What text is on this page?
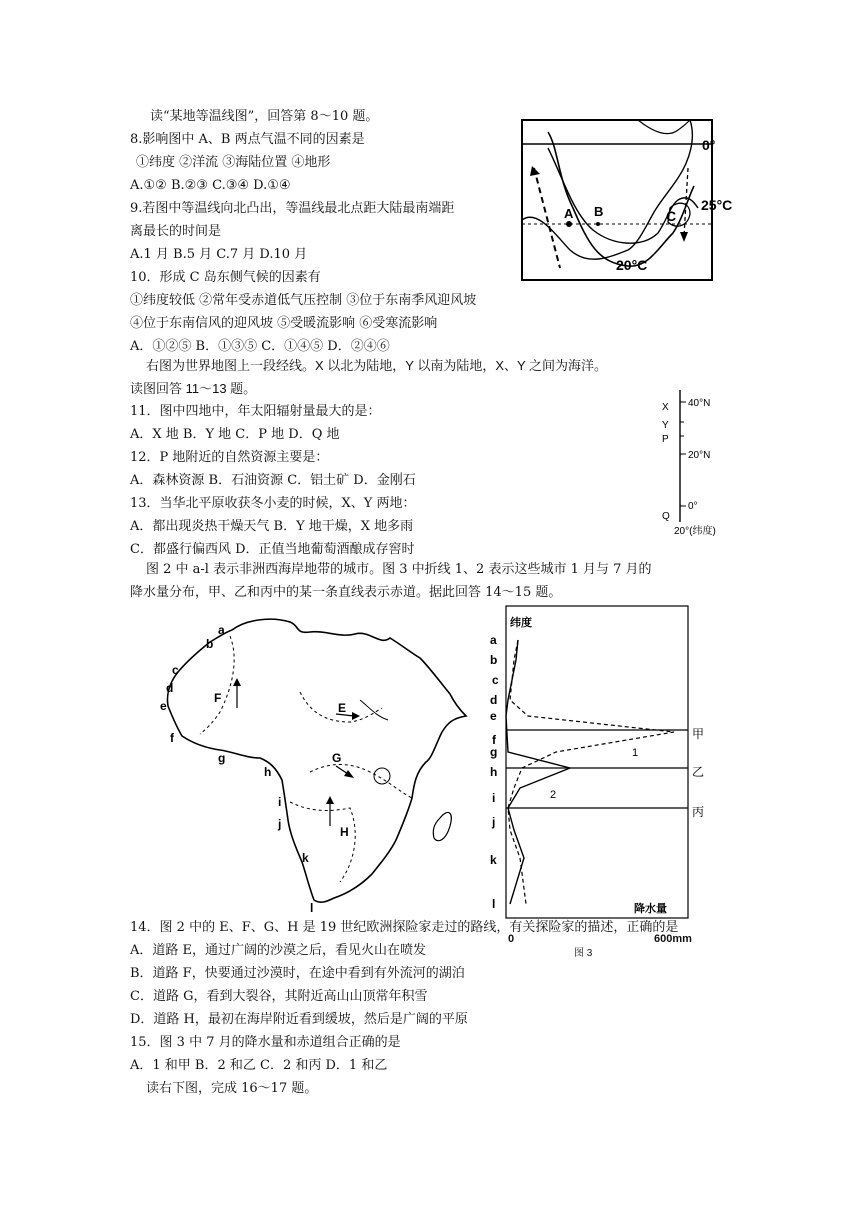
读“某地等温线图”，回答第 8～10 题。
8.影响图中 A、B 两点气温不同的因素是
①纬度 ②洋流 ③海陆位置 ④地形
A.①② B.②③ C.③④ D.①④
9.若图中等温线向北凸出，等温线最北点距大陆最南端距
离最长的时间是
A.1 月 B.5 月 C.7 月 D.10 月
10．形成 C 岛东侧气候的因素有
①纬度较低 ②常年受赤道低气压控制 ③位于东南季风迎风坡
④位于东南信风的迎风坡 ⑤受暖流影响 ⑥受寒流影响
A．①②⑤ B．①③⑤ C．①④⑤ D．②④⑥
A B	C
0°
25°C
20°C
右图为世界地图上一段经线。X 以北为陆地，Y 以南为陆地，X、Y 之间为海洋。
读图回答 11～13 题。
11．图中四地中，年太阳辐射量最大的是：
A．X 地 B．Y 地 C．P 地 D．Q 地
12．P 地附近的自然资源主要是：
A．森林资源 B．石油资源 C．铝土矿 D．金刚石
13．当华北平原收获冬小麦的时候，X、Y 两地：
A．都出现炎热干燥天气 B．Y 地干燥，X 地多雨
C．都盛行偏西风 D．正值当地葡萄酒酿成存窖时
X
Y
P
Q
40°N
20°N
0°
20°(纬度)
图 2 中 a-l 表示非洲西海岸地带的城市。图 3 中折线 1、2 表示这些城市 1 月与 7 月的
降水量分布，甲、乙和丙中的某一条直线表示赤道。据此回答 14～15 题。
F
E
G
H
a
b
c
d
e
f
g
h
i
j
k
l
纬度
甲
乙
丙
1
2
a
b
c
d
e
f
g
h
i
j
k
l	降水量
14．图 2 中的 E、F、G、H 是 19 世纪欧洲探险家走过的路线，有关探险家的描述，正确的是
A．道路 E，通过广阔的沙漠之后，看见火山在喷发
B．道路 F，快要通过沙漠时，在途中看到有外流河的湖泊
C．道路 G，看到大裂谷，其附近高山山顶常年积雪
D．道路 H，最初在海岸附近看到缓坡，然后是广阔的平原
15．图 3 中 7 月的降水量和赤道组合正确的是
A．1 和甲 B．2 和乙 C．2 和丙 D．1 和乙
读右下图，完成 16～17 题。
0	600mm
图 3
